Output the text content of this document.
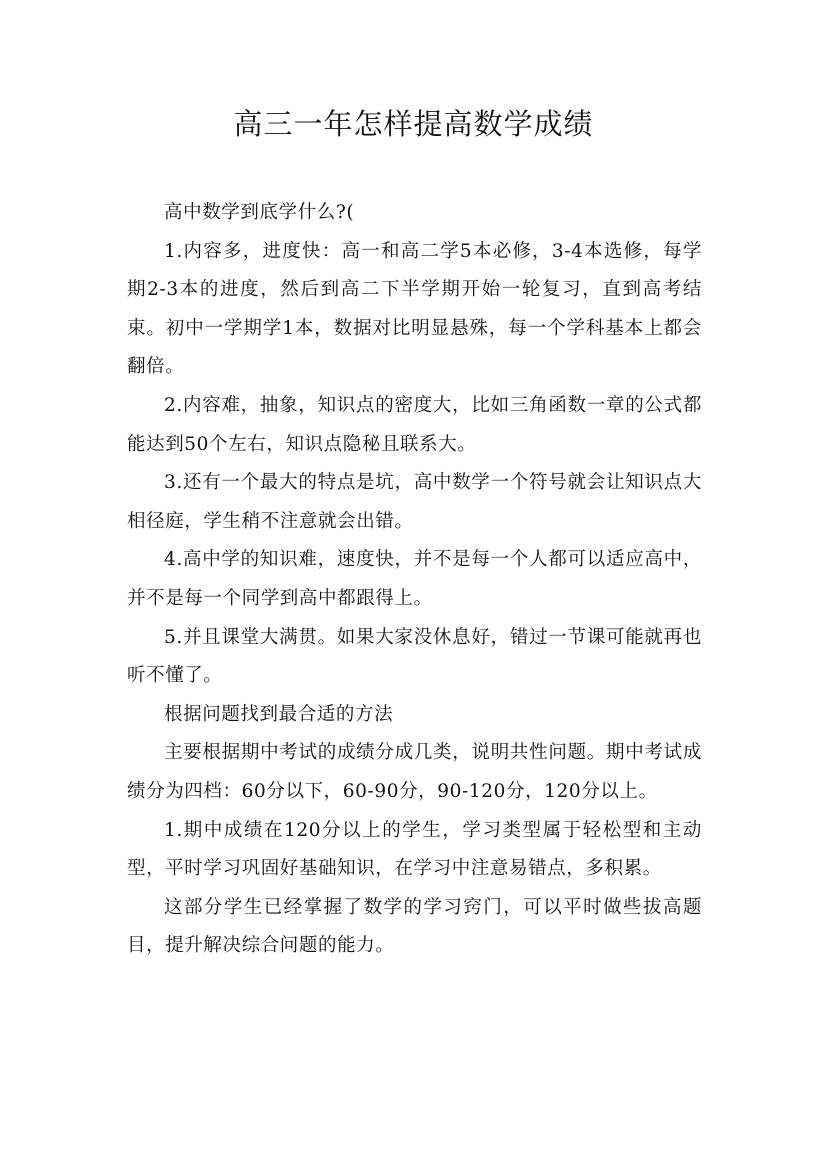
高三一年怎样提高数学成绩

高中数学到底学什么?(

1.内容多，进度快：高一和高二学5本必修，3-4本选修，每学期2-3本的进度，然后到高二下半学期开始一轮复习，直到高考结束。初中一学期学1本，数据对比明显悬殊，每一个学科基本上都会翻倍。

2.内容难，抽象，知识点的密度大，比如三角函数一章的公式都能达到50个左右，知识点隐秘且联系大。

3.还有一个最大的特点是坑，高中数学一个符号就会让知识点大相径庭，学生稍不注意就会出错。

4.高中学的知识难，速度快，并不是每一个人都可以适应高中，并不是每一个同学到高中都跟得上。

5.并且课堂大满贯。如果大家没休息好，错过一节课可能就再也听不懂了。

根据问题找到最合适的方法

主要根据期中考试的成绩分成几类，说明共性问题。期中考试成绩分为四档：60分以下，60-90分，90-120分，120分以上。

1.期中成绩在120分以上的学生，学习类型属于轻松型和主动型，平时学习巩固好基础知识，在学习中注意易错点，多积累。

这部分学生已经掌握了数学的学习窍门，可以平时做些拔高题目，提升解决综合问题的能力。
